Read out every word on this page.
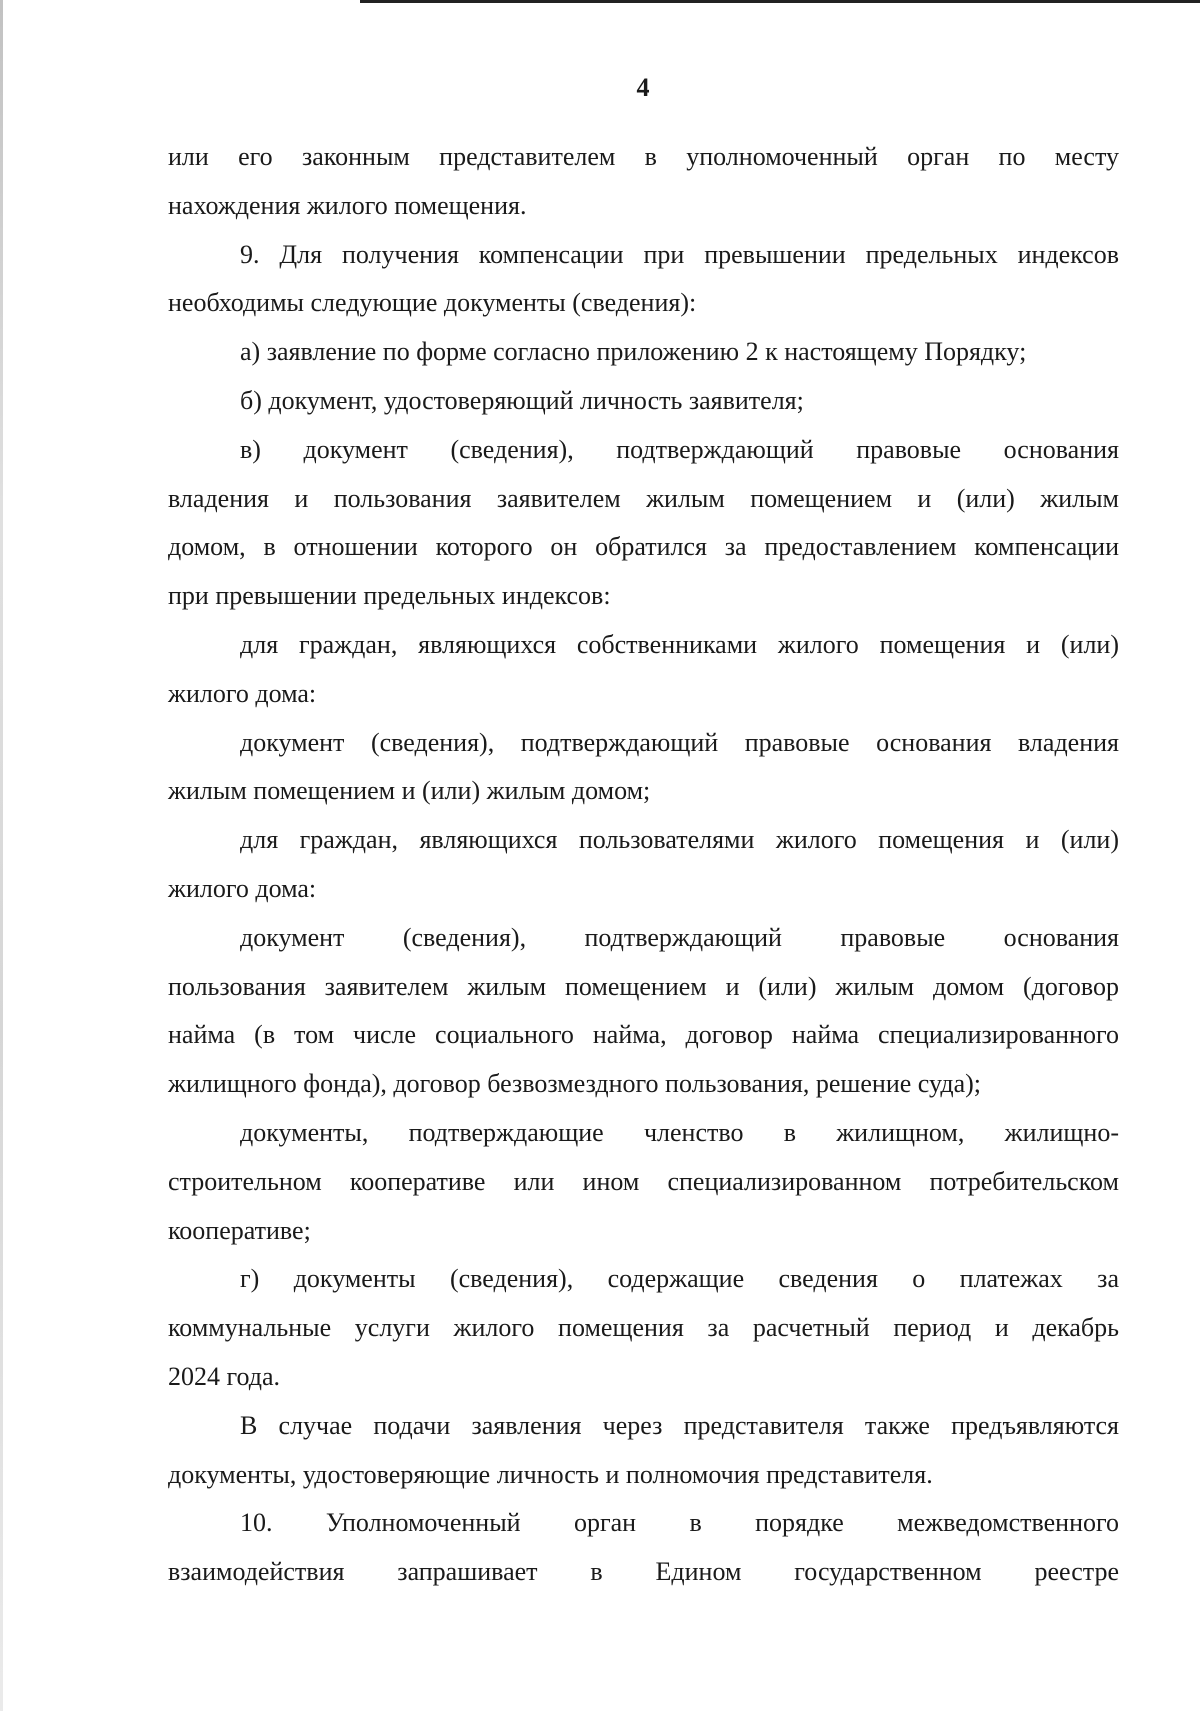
4
или его законным представителем в уполномоченный орган по месту
нахождения жилого помещения.
9. Для получения компенсации при превышении предельных индексов
необходимы следующие документы (сведения):
а) заявление по форме согласно приложению 2 к настоящему Порядку;
б) документ, удостоверяющий личность заявителя;
в) документ (сведения), подтверждающий правовые основания
владения и пользования заявителем жилым помещением и (или) жилым
домом, в отношении которого он обратился за предоставлением компенсации
при превышении предельных индексов:
для граждан, являющихся собственниками жилого помещения и (или)
жилого дома:
документ (сведения), подтверждающий правовые основания владения
жилым помещением и (или) жилым домом;
для граждан, являющихся пользователями жилого помещения и (или)
жилого дома:
документ (сведения), подтверждающий правовые основания
пользования заявителем жилым помещением и (или) жилым домом (договор
найма (в том числе социального найма, договор найма специализированного
жилищного фонда), договор безвозмездного пользования, решение суда);
документы, подтверждающие членство в жилищном, жилищно-
строительном кооперативе или ином специализированном потребительском
кооперативе;
г) документы (сведения), содержащие сведения о платежах за
коммунальные услуги жилого помещения за расчетный период и декабрь
2024 года.
В случае подачи заявления через представителя также предъявляются
документы, удостоверяющие личность и полномочия представителя.
10. Уполномоченный орган в порядке межведомственного
взаимодействия запрашивает в Едином государственном реестре
